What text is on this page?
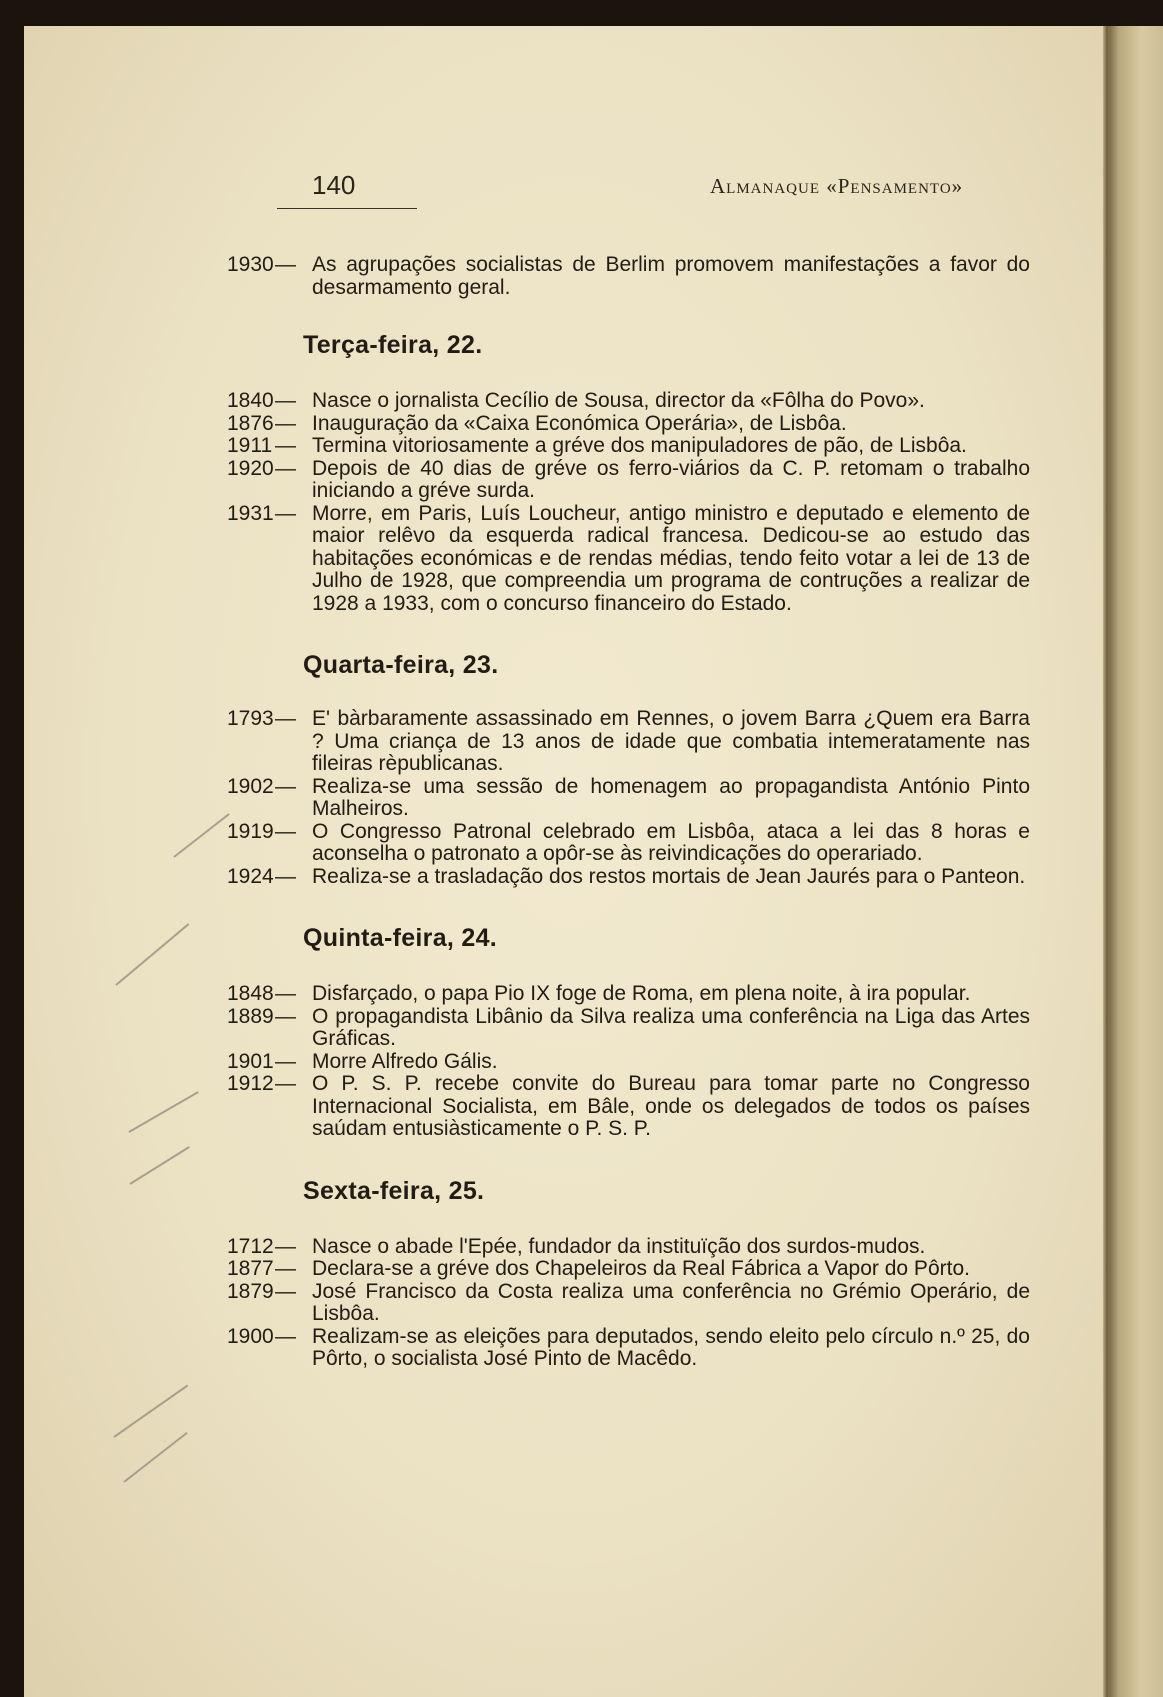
140	Almanaque «Pensamento»
1930 — As agrupações socialistas de Berlim promovem manifestações a favor do desarmamento geral.
Terça-feira, 22.
1840 — Nasce o jornalista Cecílio de Sousa, director da «Fôlha do Povo».
1876 — Inauguração da «Caixa Económica Operária», de Lisbôa.
1911 — Termina vitoriosamente a gréve dos manipuladores de pão, de Lisbôa.
1920 — Depois de 40 dias de gréve os ferro-viários da C. P. retomam o trabalho iniciando a gréve surda.
1931 — Morre, em Paris, Luís Loucheur, antigo ministro e deputado e elemento de maior relêvo da esquerda radical francesa. Dedicou-se ao estudo das habitações económicas e de rendas médias, tendo feito votar a lei de 13 de Julho de 1928, que compreendia um programa de contruções a realizar de 1928 a 1933, com o concurso financeiro do Estado.
Quarta-feira, 23.
1793 — E' bàrbaramente assassinado em Rennes, o jovem Barra ¿Quem era Barra ? Uma criança de 13 anos de idade que combatia intemeratamente nas fileiras rèpublicanas.
1902 — Realiza-se uma sessão de homenagem ao propagandista António Pinto Malheiros.
1919 — O Congresso Patronal celebrado em Lisbôa, ataca a lei das 8 horas e aconselha o patronato a opôr-se às reivindicações do operariado.
1924 — Realiza-se a trasladação dos restos mortais de Jean Jaurés para o Panteon.
Quinta-feira, 24.
1848 — Disfarçado, o papa Pio IX foge de Roma, em plena noite, à ira popular.
1889 — O propagandista Libânio da Silva realiza uma conferência na Liga das Artes Gráficas.
1901 — Morre Alfredo Gális.
1912 — O P. S. P. recebe convite do Bureau para tomar parte no Congresso Internacional Socialista, em Bâle, onde os delegados de todos os países saúdam entusiàsticamente o P. S. P.
Sexta-feira, 25.
1712 — Nasce o abade l'Epée, fundador da instituïção dos surdos-mudos.
1877 — Declara-se a gréve dos Chapeleiros da Real Fábrica a Vapor do Pôrto.
1879 — José Francisco da Costa realiza uma conferência no Grémio Operário, de Lisbôa.
1900 — Realizam-se as eleições para deputados, sendo eleito pelo círculo n.º 25, do Pôrto, o socialista José Pinto de Macêdo.
